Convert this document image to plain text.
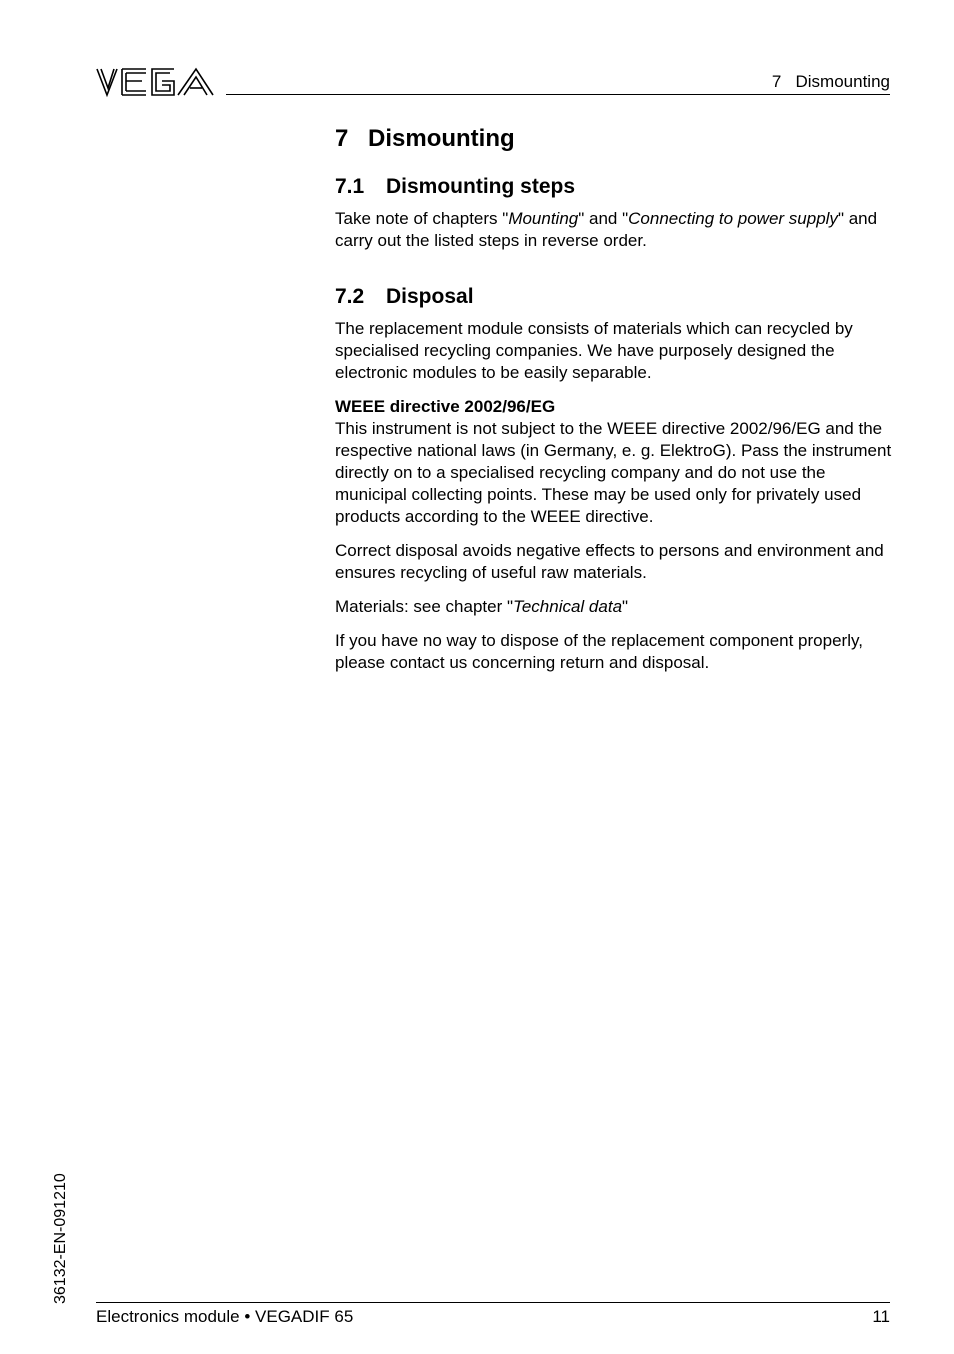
7   Dismounting
7 Dismounting
7.1 Dismounting steps

Take note of chapters "Mounting" and "Connecting to power supply" and carry out the listed steps in reverse order.

7.2 Disposal

The replacement module consists of materials which can recycled by specialised recycling companies. We have purposely designed the electronic modules to be easily separable.

WEEE directive 2002/96/EG

This instrument is not subject to the WEEE directive 2002/96/EG and the respective national laws (in Germany, e. g. ElektroG). Pass the instrument directly on to a specialised recycling company and do not use the municipal collecting points. These may be used only for privately used products according to the WEEE directive.

Correct disposal avoids negative effects to persons and environment and ensures recycling of useful raw materials.

Materials: see chapter "Technical data"

If you have no way to dispose of the replacement component properly, please contact us concerning return and disposal.

36132-EN-091210
Electronics module • VEGADIF 65	11
